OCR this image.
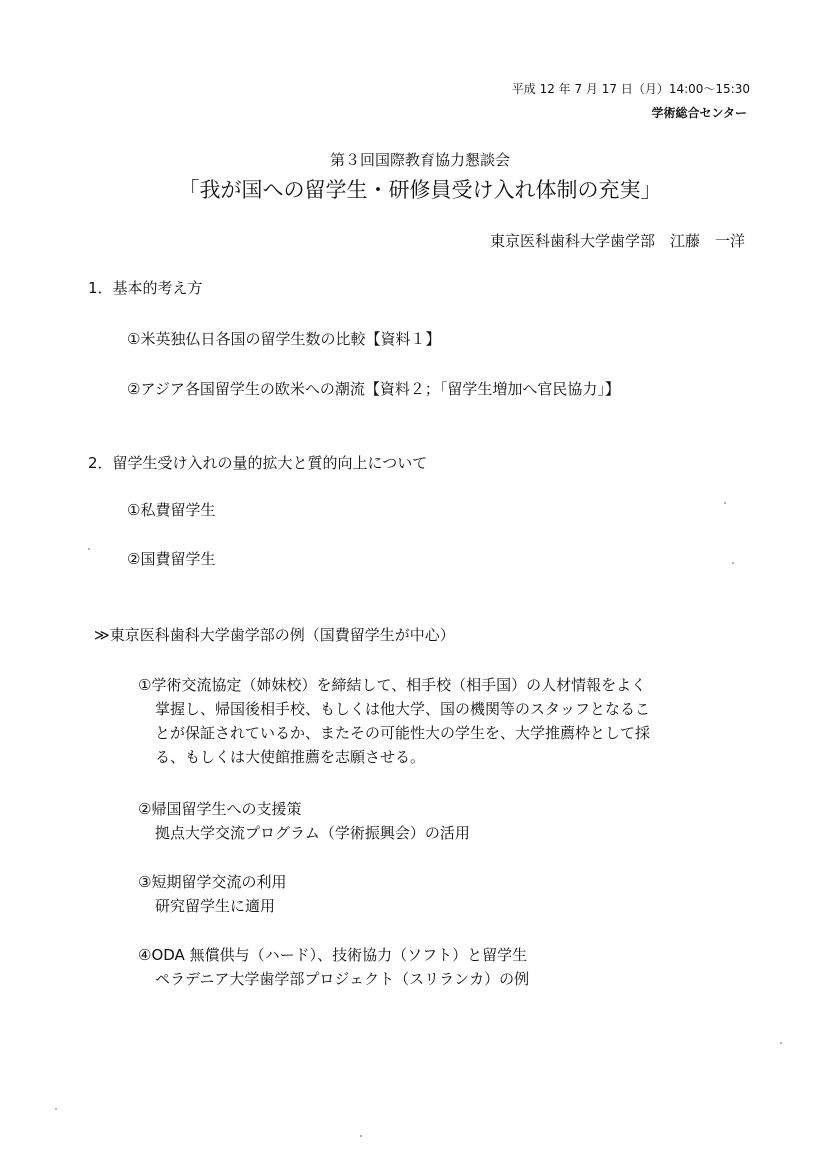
平成 12 年 7 月 17 日（月）14:00〜15:30
学術総合センター
第３回国際教育協力懇談会
「我が国への留学生・研修員受け入れ体制の充実」
東京医科歯科大学歯学部　江藤　一洋
1．基本的考え方
①米英独仏日各国の留学生数の比較【資料１】
②アジア各国留学生の欧米への潮流【資料２；「留学生増加へ官民協力」】
2．留学生受け入れの量的拡大と質的向上について
①私費留学生
②国費留学生
≫東京医科歯科大学歯学部の例（国費留学生が中心）
①学術交流協定（姉妹校）を締結して、相手校（相手国）の人材情報をよく
掌握し、帰国後相手校、もしくは他大学、国の機関等のスタッフとなるこ
とが保証されているか、またその可能性大の学生を、大学推薦枠として採
る、もしくは大使館推薦を志願させる。
②帰国留学生への支援策
拠点大学交流プログラム（学術振興会）の活用
③短期留学交流の利用
研究留学生に適用
④ODA 無償供与（ハード）、技術協力（ソフト）と留学生
ペラデニア大学歯学部プロジェクト（スリランカ）の例
